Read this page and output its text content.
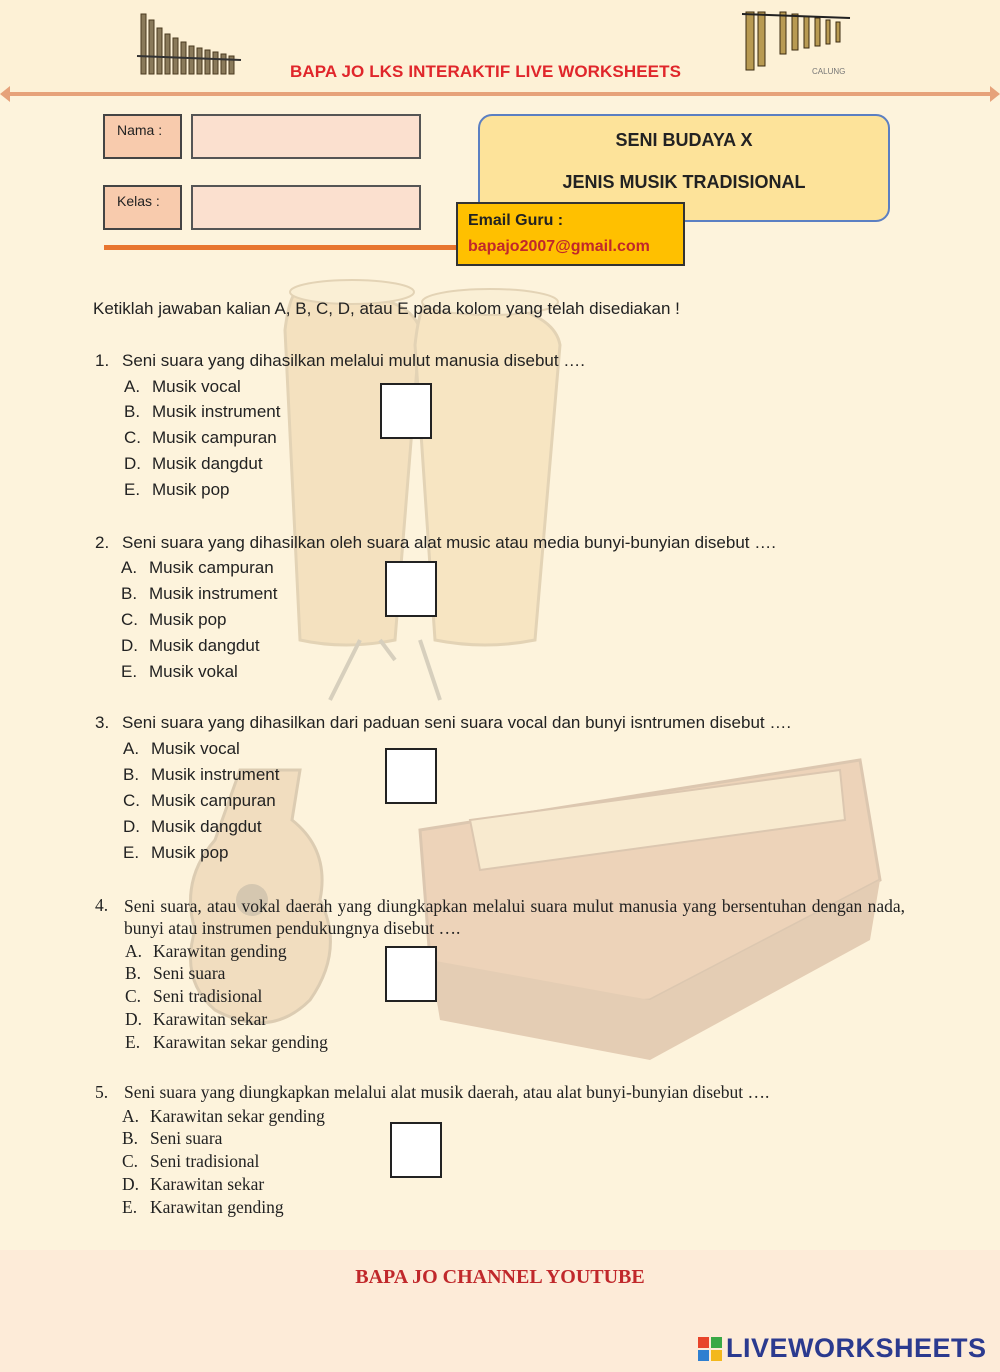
CALUNG
BAPA JO LKS INTERAKTIF LIVE WORKSHEETS
Nama :
Kelas :
SENI BUDAYA X
JENIS MUSIK TRADISIONAL
Email Guru :
bapajo2007@gmail.com
Ketiklah jawaban kalian A, B, C, D, atau E pada kolom yang telah disediakan !
1. Seni suara yang dihasilkan melalui mulut manusia disebut ….
A. Musik vocal
B. Musik instrument
C. Musik campuran
D. Musik dangdut
E. Musik pop
2. Seni suara yang dihasilkan oleh suara alat music atau media bunyi-bunyian disebut ….
A. Musik campuran
B. Musik instrument
C. Musik pop
D. Musik dangdut
E. Musik vokal
3. Seni suara yang dihasilkan dari paduan seni suara vocal dan bunyi isntrumen disebut ….
A. Musik vocal
B. Musik instrument
C. Musik campuran
D. Musik dangdut
E. Musik pop
4. Seni suara, atau vokal daerah yang diungkapkan melalui suara mulut manusia yang bersentuhan dengan nada, bunyi atau instrumen pendukungnya disebut ….
A. Karawitan gending
B. Seni suara
C. Seni tradisional
D. Karawitan sekar
E. Karawitan sekar gending
5. Seni suara yang diungkapkan melalui alat musik daerah, atau alat bunyi-bunyian disebut ….
A. Karawitan sekar gending
B. Seni suara
C. Seni tradisional
D. Karawitan sekar
E. Karawitan gending
BAPA JO CHANNEL YOUTUBE
LIVEWORKSHEETS
